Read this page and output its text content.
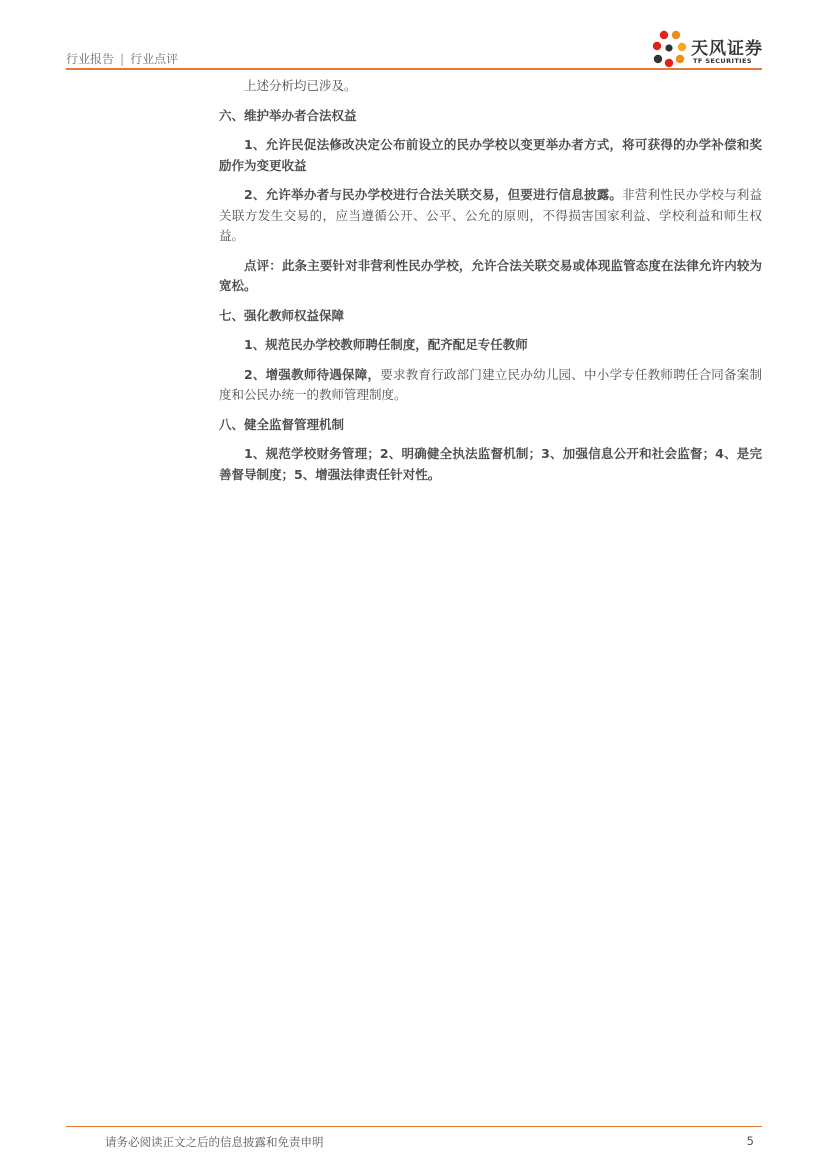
行业报告 | 行业点评	天风证券
TF SECURITIES

上述分析均已涉及。

六、维护举办者合法权益

1、允许民促法修改决定公布前设立的民办学校以变更举办者方式，将可获得的办学补偿和奖励作为变更收益

2、允许举办者与民办学校进行合法关联交易，但要进行信息披露。非营利性民办学校与利益关联方发生交易的，应当遵循公开、公平、公允的原则，不得损害国家利益、学校利益和师生权益。

点评：此条主要针对非营利性民办学校，允许合法关联交易或体现监管态度在法律允许内较为宽松。

七、强化教师权益保障

1、规范民办学校教师聘任制度，配齐配足专任教师

2、增强教师待遇保障，要求教育行政部门建立民办幼儿园、中小学专任教师聘任合同备案制度和公民办统一的教师管理制度。

八、健全监督管理机制

1、规范学校财务管理；2、明确健全执法监督机制；3、加强信息公开和社会监督；4、是完善督导制度；5、增强法律责任针对性。

请务必阅读正文之后的信息披露和免责申明	5
